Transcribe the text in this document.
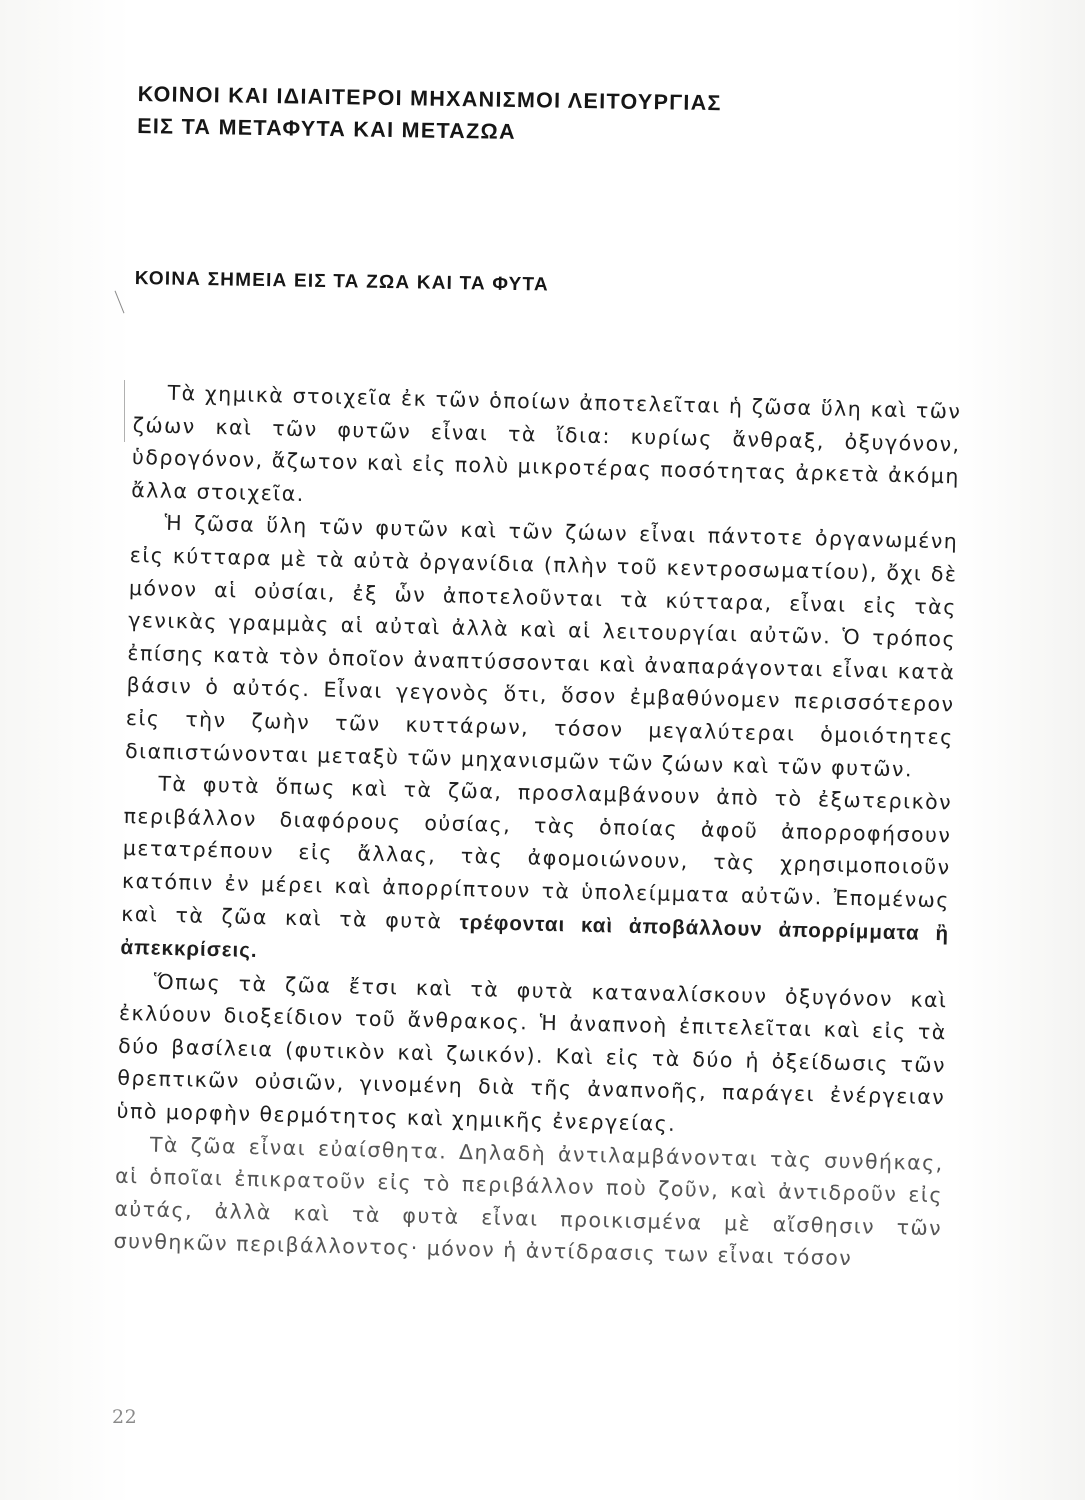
ΚΟΙΝΟΙ ΚΑΙ ΙΔΙΑΙΤΕΡΟΙ ΜΗΧΑΝΙΣΜΟΙ ΛΕΙΤΟΥΡΓΙΑΣ
ΕΙΣ ΤΑ ΜΕΤΑΦΥΤΑ ΚΑΙ ΜΕΤΑΖΩΑ
ΚΟΙΝΑ ΣΗΜΕΙΑ ΕΙΣ ΤΑ ΖΩΑ ΚΑΙ ΤΑ ΦΥΤΑ

Τὰ χημικὰ στοιχεῖα ἐκ τῶν ὁποίων ἀποτελεῖται ἡ ζῶσα ὕλη καὶ τῶν ζώων καὶ τῶν φυτῶν εἶναι τὰ ἴδια: κυρίως ἄνθραξ, ὀξυγόνον, ὑδρογόνον, ἄζωτον καὶ εἰς πολὺ μικροτέρας ποσότητας ἀρκετὰ ἀκόμη ἄλλα στοιχεῖα.

Ἡ ζῶσα ὕλη τῶν φυτῶν καὶ τῶν ζώων εἶναι πάντοτε ὀργανωμένη εἰς κύτταρα μὲ τὰ αὐτὰ ὀργανίδια (πλὴν τοῦ κεντροσωματίου), ὄχι δὲ μόνον αἱ οὐσίαι, ἐξ ὧν ἀποτελοῦνται τὰ κύτταρα, εἶναι εἰς τὰς γενικὰς γραμμὰς αἱ αὐταὶ ἀλλὰ καὶ αἱ λειτουργίαι αὐτῶν. Ὁ τρόπος ἐπίσης κατὰ τὸν ὁποῖον ἀναπτύσσονται καὶ ἀναπαράγονται εἶναι κατὰ βάσιν ὁ αὐτός. Εἶναι γεγονὸς ὅτι, ὅσον ἐμβαθύνομεν περισσότερον εἰς τὴν ζωὴν τῶν κυττάρων, τόσον μεγαλύτεραι ὁμοιότητες διαπιστώνονται μεταξὺ τῶν μηχανισμῶν τῶν ζώων καὶ τῶν φυτῶν.

Τὰ φυτὰ ὅπως καὶ τὰ ζῶα, προσλαμβάνουν ἀπὸ τὸ ἐξωτερικὸν περιβάλλον διαφόρους οὐσίας, τὰς ὁποίας ἀφοῦ ἀπορροφήσουν μετατρέπουν εἰς ἄλλας, τὰς ἀφομοιώνουν, τὰς χρησιμοποιοῦν κατόπιν ἐν μέρει καὶ ἀπορρίπτουν τὰ ὑπολείμματα αὐτῶν. Ἐπομένως καὶ τὰ ζῶα καὶ τὰ φυτὰ τρέφονται καὶ ἀποβάλλουν ἀπορρίμματα ἢ ἀπεκκρίσεις.

Ὅπως τὰ ζῶα ἔτσι καὶ τὰ φυτὰ καταναλίσκουν ὀξυγόνον καὶ ἐκλύουν διοξείδιον τοῦ ἄνθρακος. Ἡ ἀναπνοὴ ἐπιτελεῖται καὶ εἰς τὰ δύο βασίλεια (φυτικὸν καὶ ζωικόν). Καὶ εἰς τὰ δύο ἡ ὀξείδωσις τῶν θρεπτικῶν οὐσιῶν, γινομένη διὰ τῆς ἀναπνοῆς, παράγει ἐνέργειαν ὑπὸ μορφὴν θερμότητος καὶ χημικῆς ἐνεργείας.

Τὰ ζῶα εἶναι εὐαίσθητα. Δηλαδὴ ἀντιλαμβάνονται τὰς συνθήκας, αἱ ὁποῖαι ἐπικρατοῦν εἰς τὸ περιβάλλον ποὺ ζοῦν, καὶ ἀντιδροῦν εἰς αὐτάς, ἀλλὰ καὶ τὰ φυτὰ εἶναι προικισμένα μὲ αἴσθησιν τῶν συνθηκῶν περιβάλλοντος· μόνον ἡ ἀντίδρασις των εἶναι τόσον

22
